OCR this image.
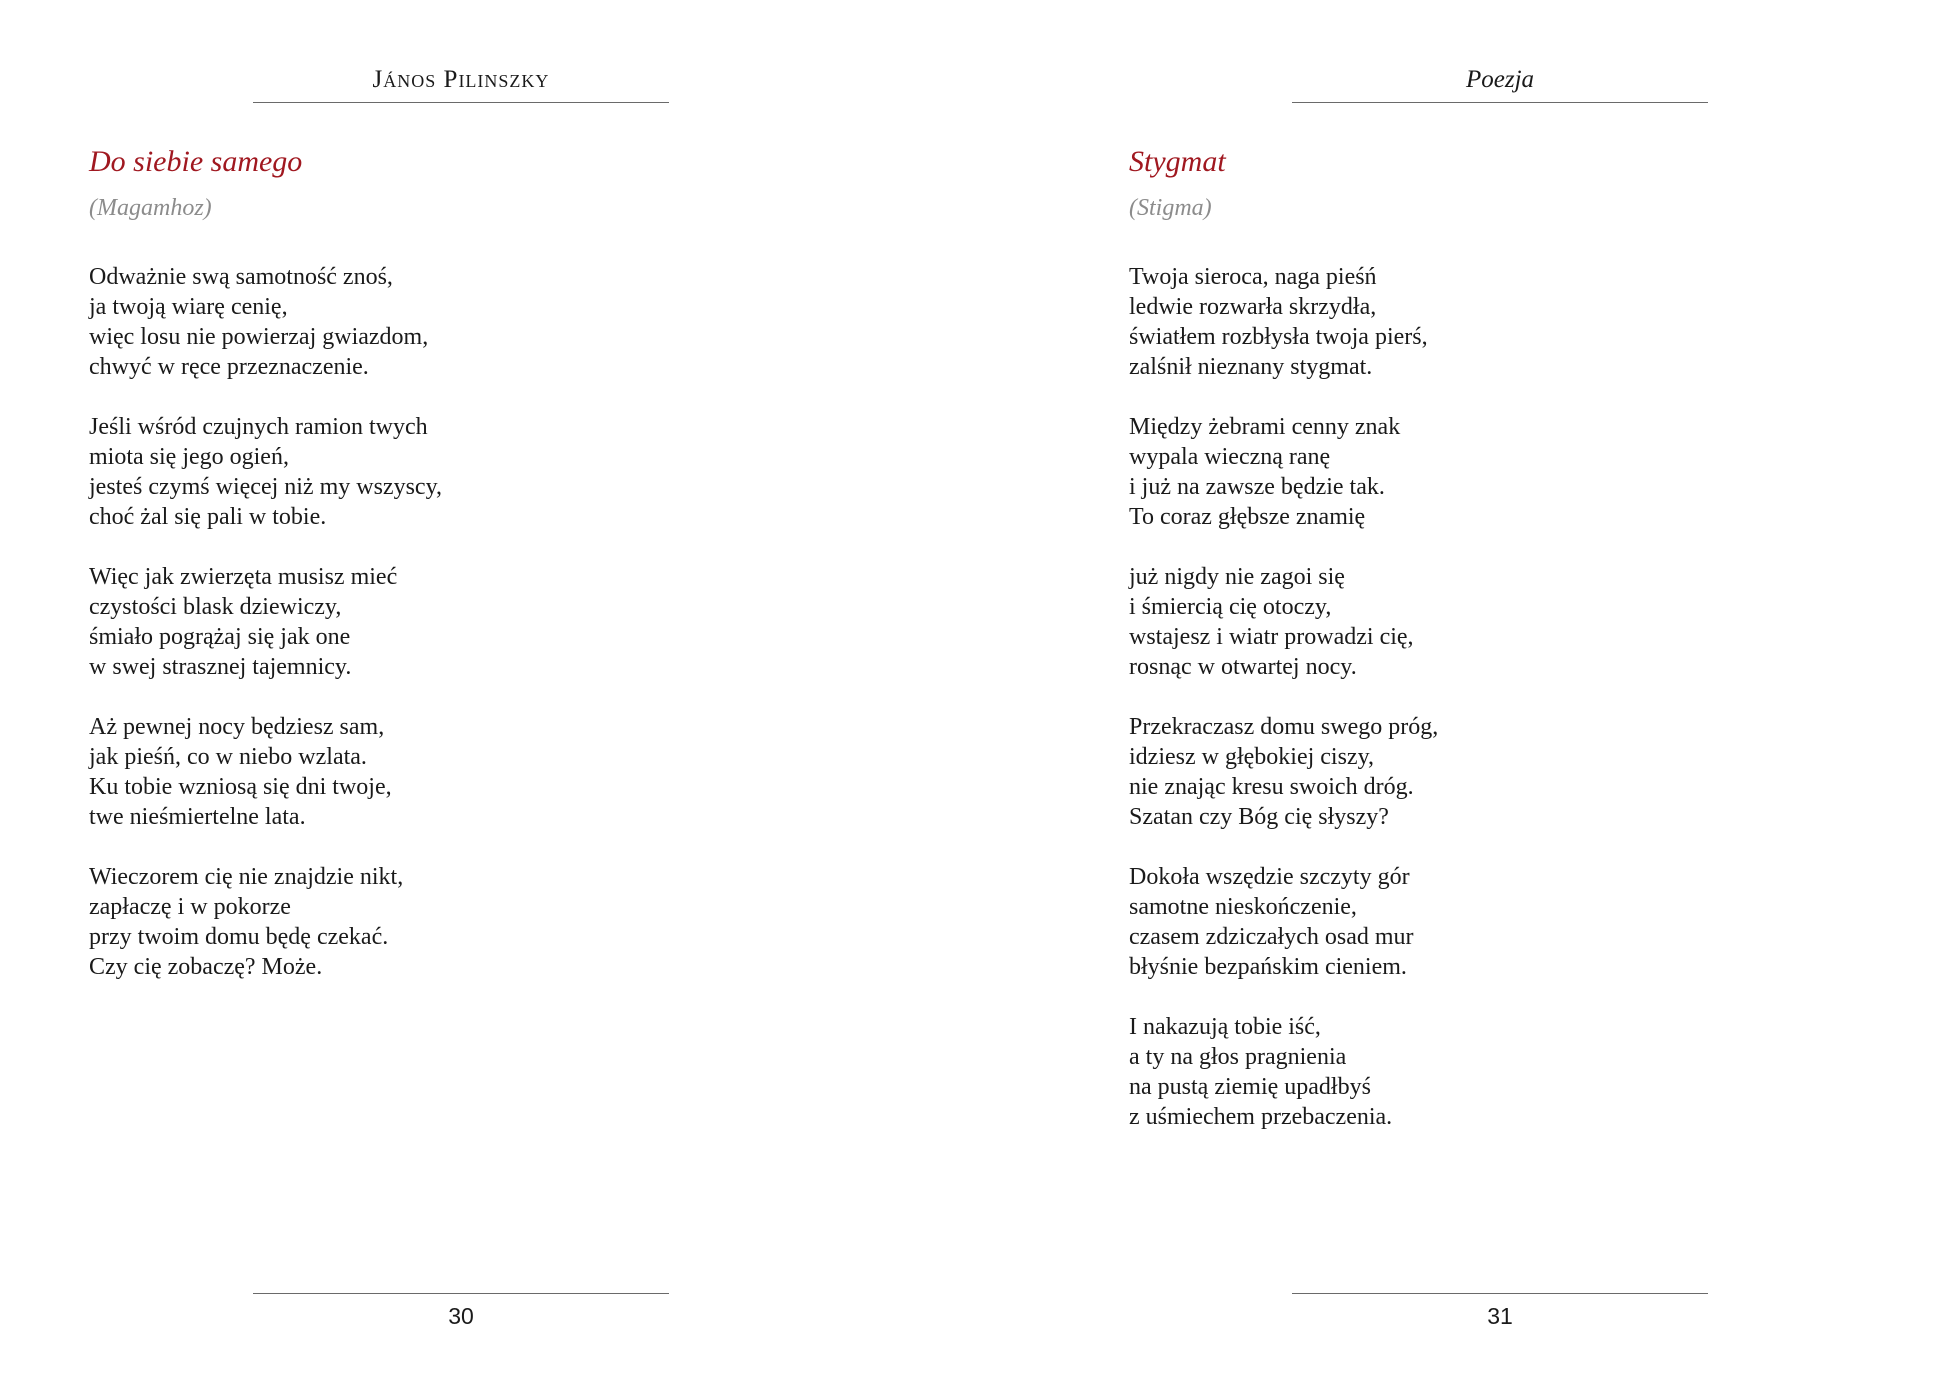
János Pilinszky
Do siebie samego
(Magamhoz)
Odważnie swą samotność znoś,
ja twoją wiarę cenię,
więc losu nie powierzaj gwiazdom,
chwyć w ręce przeznaczenie.
Jeśli wśród czujnych ramion twych
miota się jego ogień,
jesteś czymś więcej niż my wszyscy,
choć żal się pali w tobie.
Więc jak zwierzęta musisz mieć
czystości blask dziewiczy,
śmiało pogrążaj się jak one
w swej strasznej tajemnicy.
Aż pewnej nocy będziesz sam,
jak pieśń, co w niebo wzlata.
Ku tobie wzniosą się dni twoje,
twe nieśmiertelne lata.
Wieczorem cię nie znajdzie nikt,
zapłaczę i w pokorze
przy twoim domu będę czekać.
Czy cię zobaczę? Może.
30
Poezja
Stygmat
(Stigma)
Twoja sieroca, naga pieśń
ledwie rozwarła skrzydła,
światłem rozbłysła twoja pierś,
zalśnił nieznany stygmat.
Między żebrami cenny znak
wypala wieczną ranę
i już na zawsze będzie tak.
To coraz głębsze znamię
już nigdy nie zagoi się
i śmiercią cię otoczy,
wstajesz i wiatr prowadzi cię,
rosnąc w otwartej nocy.
Przekraczasz domu swego próg,
idziesz w głębokiej ciszy,
nie znając kresu swoich dróg.
Szatan czy Bóg cię słyszy?
Dokoła wszędzie szczyty gór
samotne nieskończenie,
czasem zdziczałych osad mur
błyśnie bezpańskim cieniem.
I nakazują tobie iść,
a ty na głos pragnienia
na pustą ziemię upadłbyś
z uśmiechem przebaczenia.
31
